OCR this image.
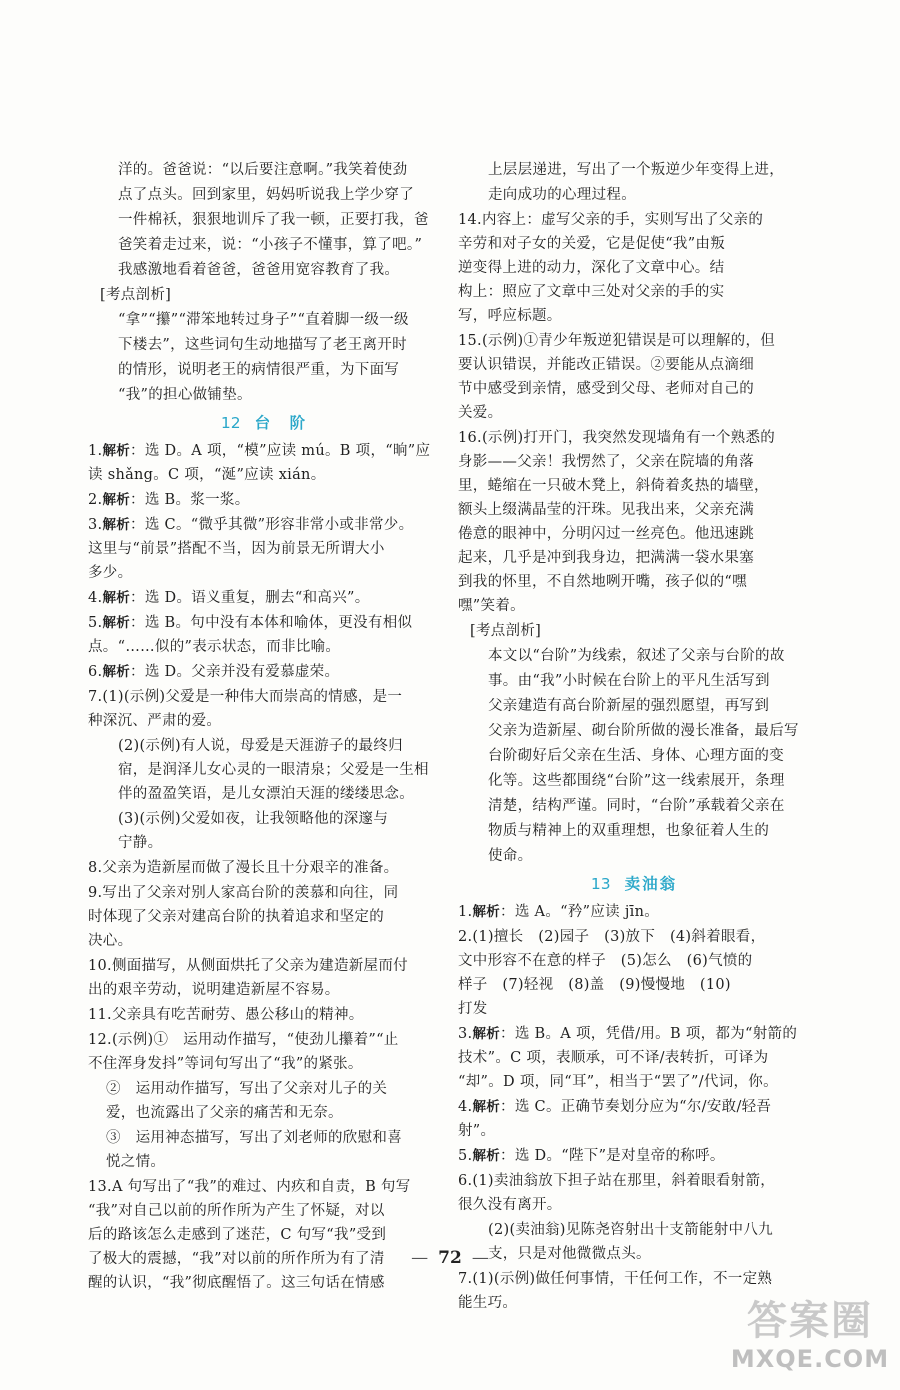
洋的。爸爸说：“以后要注意啊。”我笑着使劲
点了点头。回到家里，妈妈听说我上学少穿了
一件棉袄，狠狠地训斥了我一顿，正要打我，爸
爸笑着走过来，说：“小孩子不懂事，算了吧。”
我感激地看着爸爸，爸爸用宽容教育了我。
[考点剖析]
“拿”“攥”“滞笨地转过身子”“直着脚一级一级
下楼去”，这些词句生动地描写了老王离开时
的情形，说明老王的病情很严重，为下面写
“我”的担心做铺垫。
12 台　阶
1.解析：选 D。A 项，“模”应读 mú。B 项，“晌”应
读 shǎng。C 项，“涎”应读 xián。
2.解析：选 B。浆一浆。
3.解析：选 C。“微乎其微”形容非常小或非常少。
这里与“前景”搭配不当，因为前景无所谓大小
多少。
4.解析：选 D。语义重复，删去“和高兴”。
5.解析：选 B。句中没有本体和喻体，更没有相似
点。“……似的”表示状态，而非比喻。
6.解析：选 D。父亲并没有爱慕虚荣。
7.(1)(示例)父爱是一种伟大而崇高的情感，是一
种深沉、严肃的爱。
(2)(示例)有人说，母爱是天涯游子的最终归
宿，是润泽儿女心灵的一眼清泉；父爱是一生相
伴的盈盈笑语，是儿女漂泊天涯的缕缕思念。
(3)(示例)父爱如夜，让我领略他的深邃与
宁静。
8.父亲为造新屋而做了漫长且十分艰辛的准备。
9.写出了父亲对别人家高台阶的羡慕和向往，同
时体现了父亲对建高台阶的执着追求和坚定的
决心。
10.侧面描写，从侧面烘托了父亲为建造新屋而付
出的艰辛劳动，说明建造新屋不容易。
11.父亲具有吃苦耐劳、愚公移山的精神。
12.(示例)①　运用动作描写，“使劲儿攥着”“止
不住浑身发抖”等词句写出了“我”的紧张。
②　运用动作描写，写出了父亲对儿子的关
爱，也流露出了父亲的痛苦和无奈。
③　运用神态描写，写出了刘老师的欣慰和喜
悦之情。
13.A 句写出了“我”的难过、内疚和自责，B 句写
“我”对自己以前的所作所为产生了怀疑，对以
后的路该怎么走感到了迷茫，C 句写“我”受到
了极大的震撼，“我”对以前的所作所为有了清
醒的认识，“我”彻底醒悟了。这三句话在情感
上层层递进，写出了一个叛逆少年变得上进，
走向成功的心理过程。
14.内容上：虚写父亲的手，实则写出了父亲的
辛劳和对子女的关爱，它是促使“我”由叛
逆变得上进的动力，深化了文章中心。结
构上：照应了文章中三处对父亲的手的实
写，呼应标题。
15.(示例)①青少年叛逆犯错误是可以理解的，但
要认识错误，并能改正错误。②要能从点滴细
节中感受到亲情，感受到父母、老师对自己的
关爱。
16.(示例)打开门，我突然发现墙角有一个熟悉的
身影——父亲！我愣然了，父亲在院墙的角落
里，蜷缩在一只破木凳上，斜倚着炙热的墙壁，
额头上缀满晶莹的汗珠。见我出来，父亲充满
倦意的眼神中，分明闪过一丝亮色。他迅速跳
起来，几乎是冲到我身边，把满满一袋水果塞
到我的怀里，不自然地咧开嘴，孩子似的“嘿
嘿”笑着。
[考点剖析]
本文以“台阶”为线索，叙述了父亲与台阶的故
事。由“我”小时候在台阶上的平凡生活写到
父亲建造有高台阶新屋的强烈愿望，再写到
父亲为造新屋、砌台阶所做的漫长准备，最后写
台阶砌好后父亲在生活、身体、心理方面的变
化等。这些都围绕“台阶”这一线索展开，条理
清楚，结构严谨。同时，“台阶”承载着父亲在
物质与精神上的双重理想，也象征着人生的
使命。
13 卖油翁
1.解析：选 A。“矜”应读 jīn。
2.(1)擅长　(2)园子　(3)放下　(4)斜着眼看，
文中形容不在意的样子　(5)怎么　(6)气愤的
样子　(7)轻视　(8)盖　(9)慢慢地　(10)
打发
3.解析：选 B。A 项，凭借/用。B 项，都为“射箭的
技术”。C 项，表顺承，可不译/表转折，可译为
“却”。D 项，同“耳”，相当于“罢了”/代词，你。
4.解析：选 C。正确节奏划分应为“尔/安敢/轻吾
射”。
5.解析：选 D。“陛下”是对皇帝的称呼。
6.(1)卖油翁放下担子站在那里，斜着眼看射箭，
很久没有离开。
(2)(卖油翁)见陈尧咨射出十支箭能射中八九
支，只是对他微微点头。
7.(1)(示例)做任何事情，干任何工作，不一定熟
能生巧。
— 72 —
答案圈
MXQE.COM
